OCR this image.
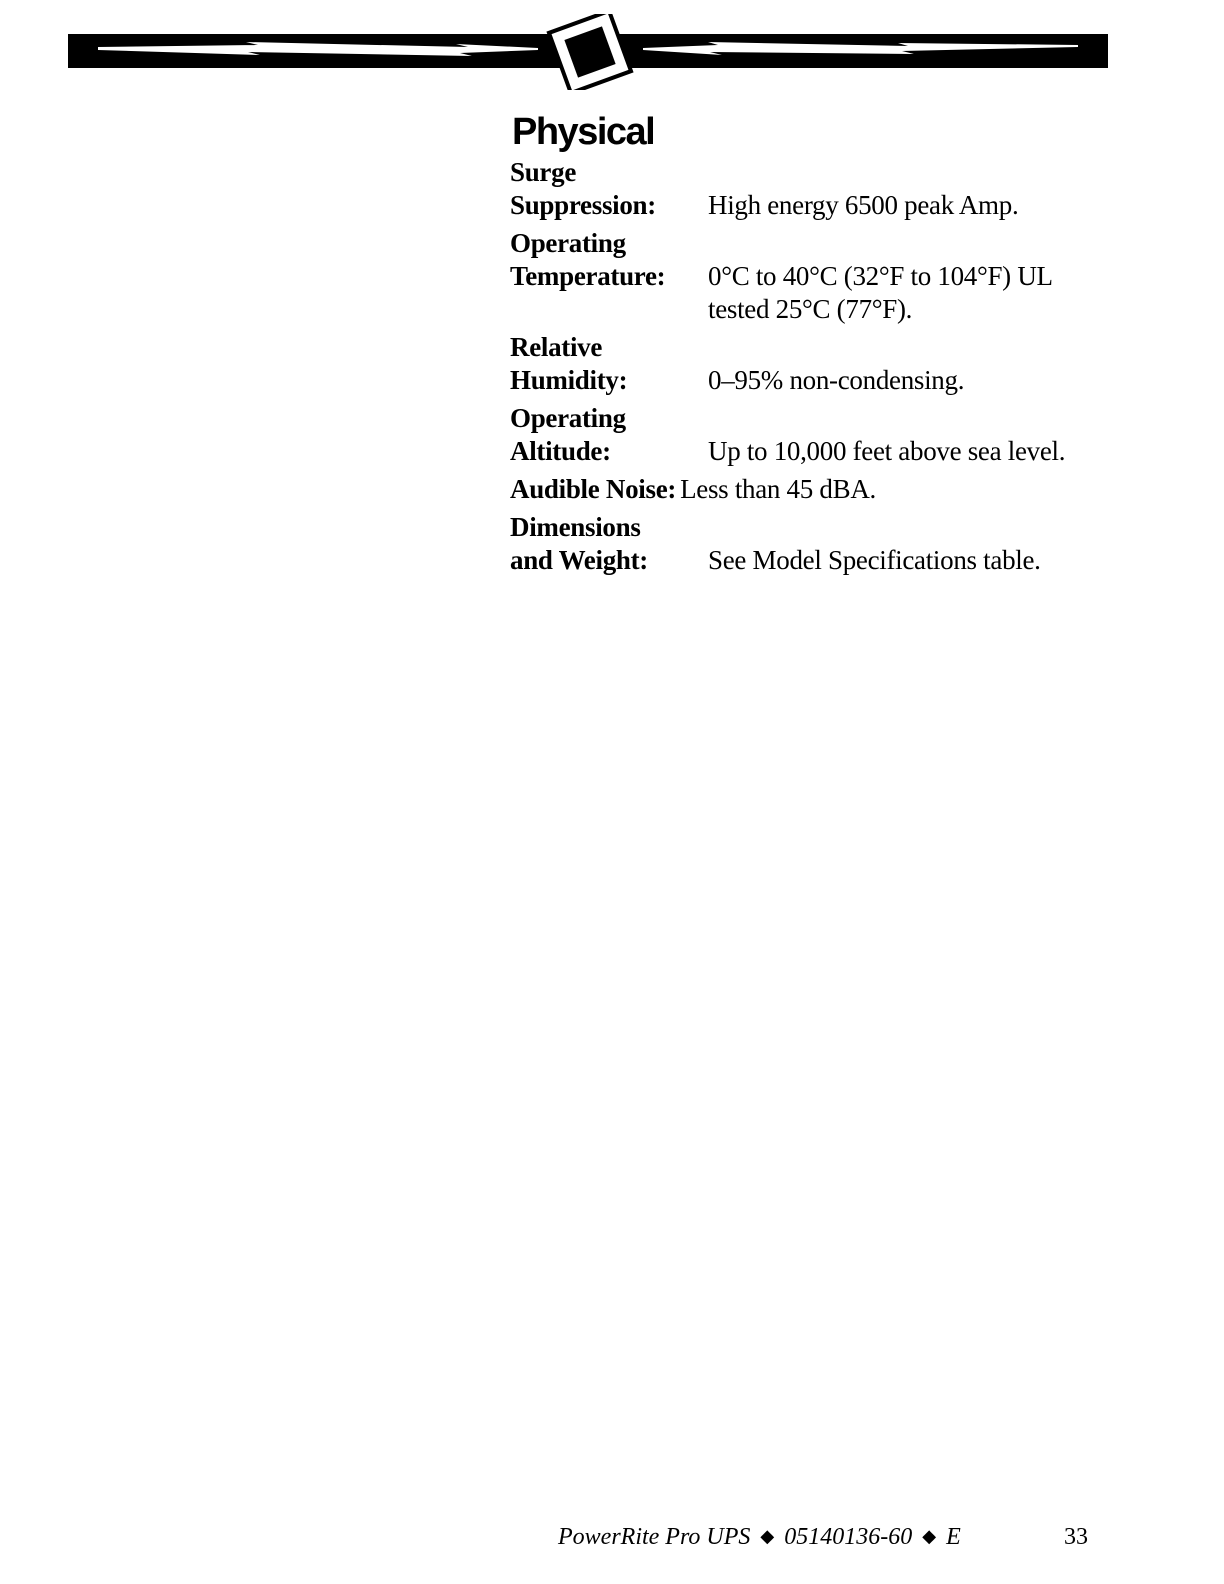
Physical
Surge
Suppression:	High energy 6500 peak Amp.
Operating
Temperature:	0°C to 40°C (32°F to 104°F) UL tested 25°C (77°F).
Relative
Humidity:	0–95% non-condensing.
Operating
Altitude:	Up to 10,000 feet above sea level.
Audible Noise: Less than 45 dBA.
Dimensions
and Weight:	See Model Specifications table.
PowerRite Pro UPS ◆ 05140136-60 ◆ E	33
